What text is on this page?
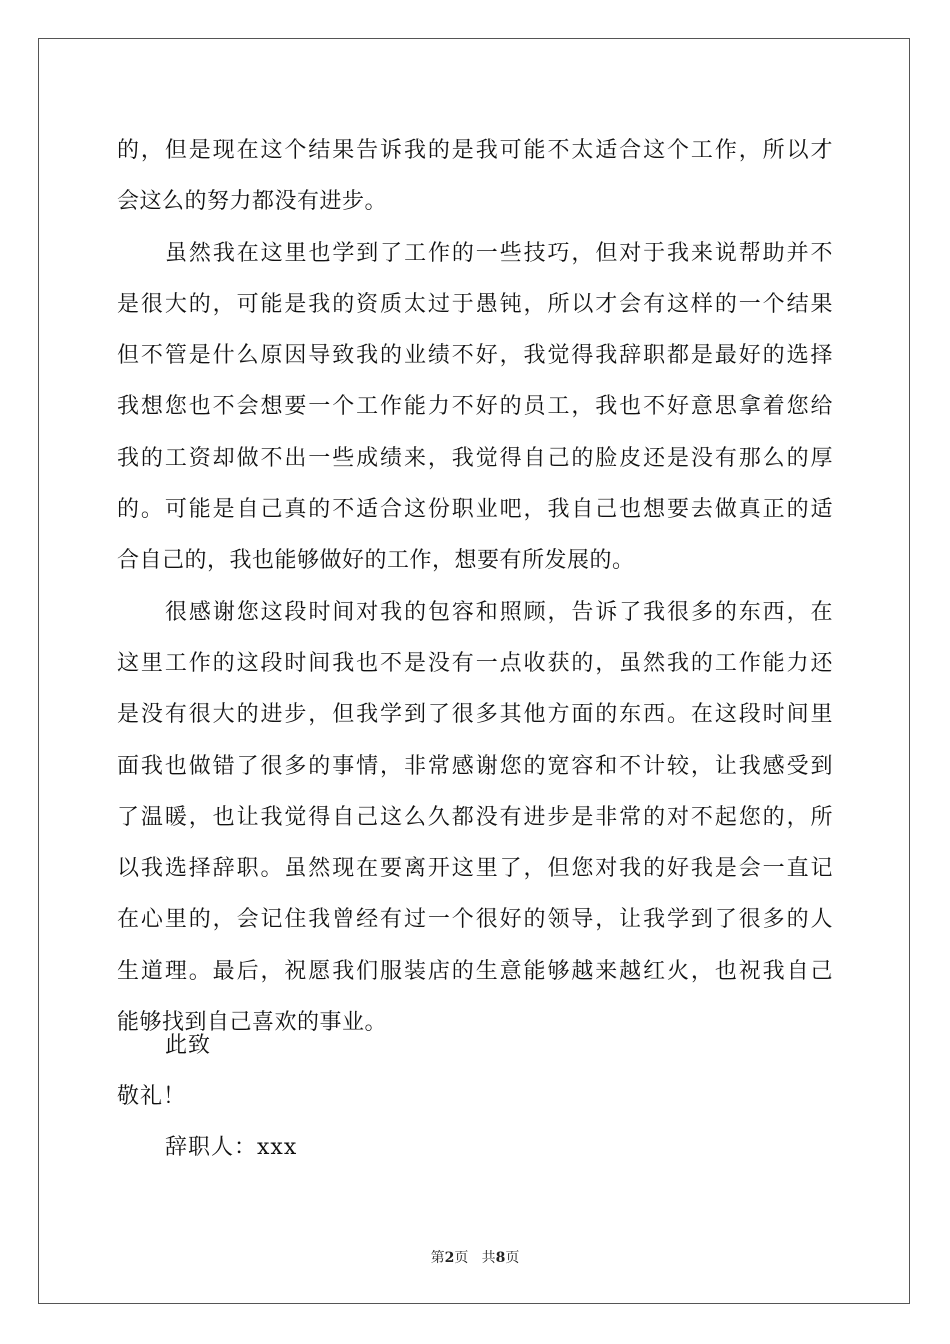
的，但是现在这个结果告诉我的是我可能不太适合这个工作，所以才
会这么的努力都没有进步。
虽然我在这里也学到了工作的一些技巧，但对于我来说帮助并不
是很大的，可能是我的资质太过于愚钝，所以才会有这样的一个结果
但不管是什么原因导致我的业绩不好，我觉得我辞职都是最好的选择
我想您也不会想要一个工作能力不好的员工，我也不好意思拿着您给
我的工资却做不出一些成绩来，我觉得自己的脸皮还是没有那么的厚
的。可能是自己真的不适合这份职业吧，我自己也想要去做真正的适
合自己的，我也能够做好的工作，想要有所发展的。
很感谢您这段时间对我的包容和照顾，告诉了我很多的东西，在
这里工作的这段时间我也不是没有一点收获的，虽然我的工作能力还
是没有很大的进步，但我学到了很多其他方面的东西。在这段时间里
面我也做错了很多的事情，非常感谢您的宽容和不计较，让我感受到
了温暖，也让我觉得自己这么久都没有进步是非常的对不起您的，所
以我选择辞职。虽然现在要离开这里了，但您对我的好我是会一直记
在心里的，会记住我曾经有过一个很好的领导，让我学到了很多的人
生道理。最后，祝愿我们服装店的生意能够越来越红火，也祝我自己
能够找到自己喜欢的事业。
此致
敬礼！
辞职人：xxx
第2页 共8页
